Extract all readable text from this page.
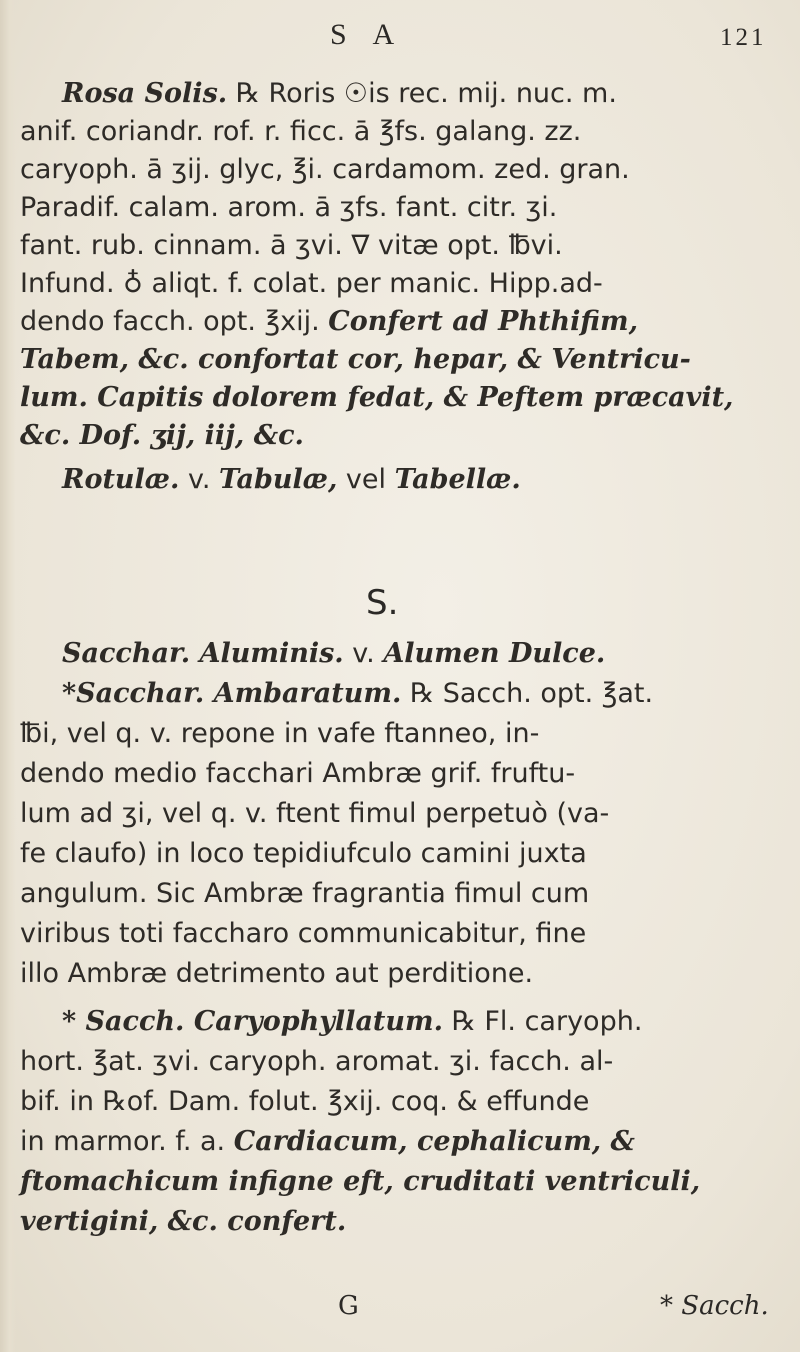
S A	121
Rosa Solis. ℞ Roris ☉is rec. mij. nuc. m.
anif. coriandr. rof. r. ficc. ā ℥fs. galang. zz.
caryoph. ā ʒij. glyc, ℥i. cardamom. zed. gran.
Paradif. calam. arom. ā ʒfs. fant. citr. ʒi.
fant. rub. cinnam. ā ʒvi. ∇ vitæ opt. ℔vi.
Infund. ♁ aliqt. f. colat. per manic. Hipp.ad-
dendo facch. opt. ℥xij. Confert ad Phthifim,
Tabem, &c. confortat cor, hepar, & Ventricu-
lum. Capitis dolorem fedat, & Peftem præcavit,
&c. Dof. ʒij, iij, &c.
Rotulæ. v. Tabulæ, vel Tabellæ.
S.
Sacchar. Aluminis. v. Alumen Dulce.
*Sacchar. Ambaratum. ℞ Sacch. opt. ℥at.
℔i, vel q. v. repone in vafe ftanneo, in-
dendo medio facchari Ambræ grif. fruftu-
lum ad ʒi, vel q. v. ftent fimul perpetuò (va-
fe claufo) in loco tepidiufculo camini juxta
angulum. Sic Ambræ fragrantia fimul cum
viribus toti faccharo communicabitur, fine
illo Ambræ detrimento aut perditione.
* Sacch. Caryophyllatum. ℞ Fl. caryoph.
hort. ℥at. ʒvi. caryoph. aromat. ʒi. facch. al-
bif. in ℞of. Dam. folut. ℥xij. coq. & effunde
in marmor. f. a. Cardiacum, cephalicum, &
ftomachicum infigne eft, cruditati ventriculi,
vertigini, &c. confert.
G	* Sacch.
